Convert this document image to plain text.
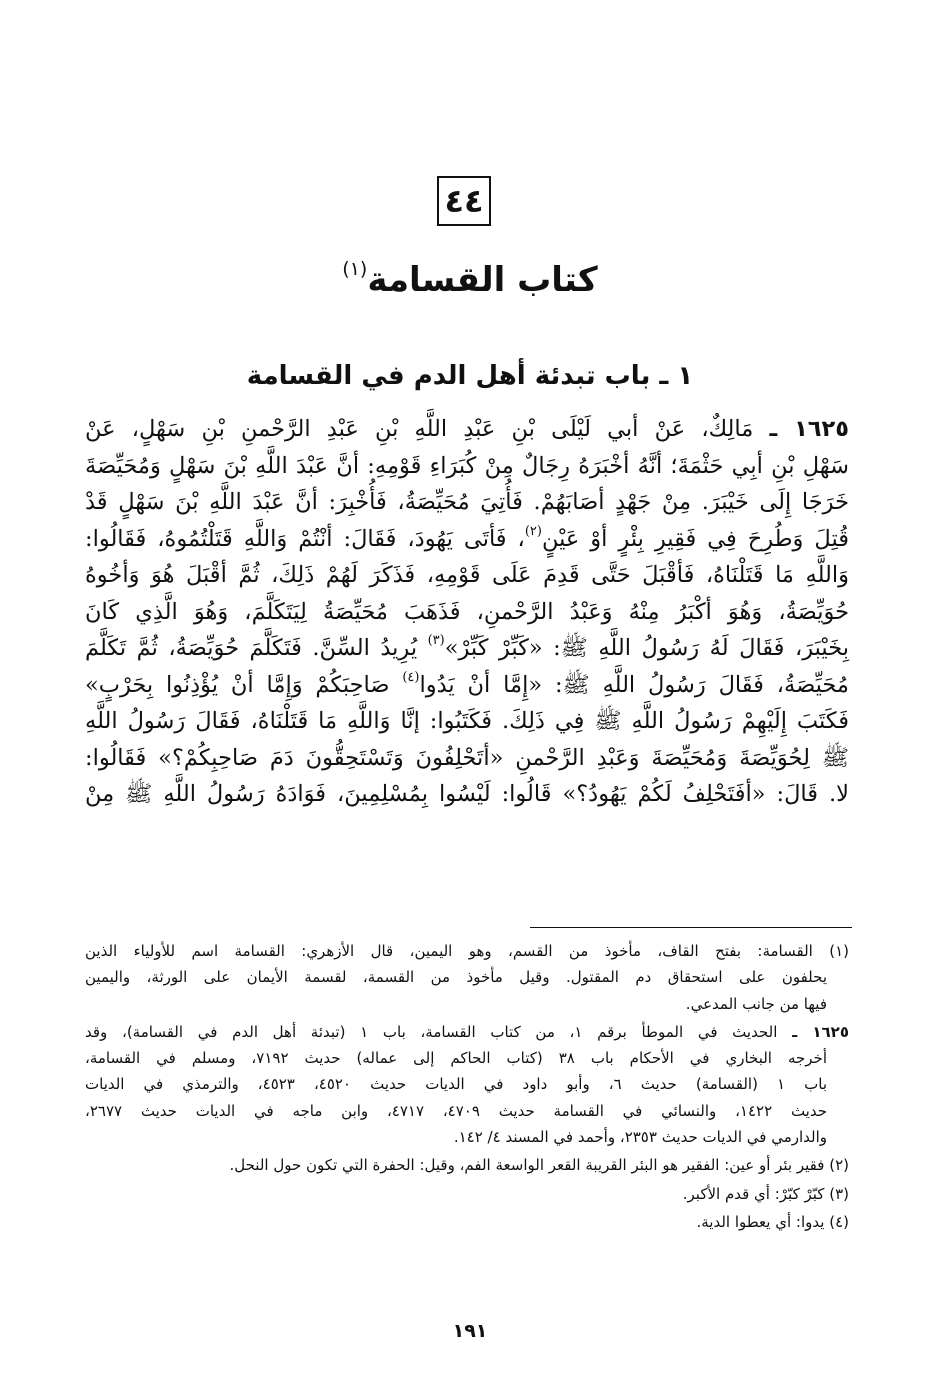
٤٤
كتاب القسامة$^{(١)}$
١ ـ باب تبدئة أهل الدم في القسامة
١٦٢٥ ـ مَالِكٌ، عَنْ أبي لَيْلَى بْنِ عَبْدِ اللَّهِ بْنِ عَبْدِ الرَّحْمنِ بْنِ سَهْلٍ، عَنْ
سَهْلِ بْنِ أبِي حَثْمَةَ؛ أنَّهُ أخْبَرَهُ رِجَالٌ مِنْ كُبَرَاءِ قَوْمِهِ: أنَّ عَبْدَ اللَّهِ بْنَ سَهْلٍ وَمُحَيِّصَةَ
خَرَجَا إِلَى خَيْبَرَ. مِنْ جَهْدٍ أصَابَهُمْ. فَأُتِيَ مُحَيِّصَةُ، فَأُخْبِرَ: أنَّ عَبْدَ اللَّهِ بْنَ سَهْلٍ قَدْ
قُتِلَ وَطُرِحَ فِي فَقِيرِ بِئْرٍ أوْ عَيْنٍ$^{(٢)}$، فَأتَى يَهُودَ، فَقَالَ: أنْتُمْ وَاللَّهِ قَتَلْتُمُوهُ، فَقَالُوا:
وَاللَّهِ مَا قَتَلْنَاهُ، فَأقْبَلَ حَتَّى قَدِمَ عَلَى قَوْمِهِ، فَذَكَرَ لَهُمْ ذَلِكَ، ثُمَّ أقْبَلَ هُوَ وَأخُوهُ
حُوَيِّصَةُ، وَهُوَ أكْبَرُ مِنْهُ وَعَبْدُ الرَّحْمنِ، فَذَهَبَ مُحَيِّصَةُ لِيَتَكَلَّمَ، وَهُوَ الَّذِي كَانَ
بِخَيْبَرَ، فَقَالَ لَهُ رَسُولُ اللَّهِ ﷺ: «كَبِّرْ كَبِّرْ»$^{(٣)}$ يُرِيدُ السِّنَّ. فَتَكَلَّمَ حُوَيِّصَةُ، ثُمَّ تَكَلَّمَ
مُحَيِّصَةُ، فَقَالَ رَسُولُ اللَّهِ ﷺ: «إِمَّا أنْ يَدُوا$^{(٤)}$ صَاحِبَكُمْ وَإِمَّا أنْ يُؤْذِنُوا بِحَرْبٍ»
فَكَتَبَ إِلَيْهِمْ رَسُولُ اللَّهِ ﷺ فِي ذَلِكَ. فَكَتَبُوا: إنَّا وَاللَّهِ مَا قَتَلْنَاهُ، فَقَالَ رَسُولُ اللَّهِ
ﷺ لِحُوَيِّصَةَ وَمُحَيِّصَةَ وَعَبْدِ الرَّحْمنِ «أتَحْلِفُونَ وَتَسْتَحِقُّونَ دَمَ صَاحِبِكُمْ؟» فَقَالُوا:
لا. قَالَ: «أفَتَحْلِفُ لَكُمْ يَهُودُ؟» قَالُوا: لَيْسُوا بِمُسْلِمِينَ، فَوَادَهُ رَسُولُ اللَّهِ ﷺ مِنْ
(١) القسامة: بفتح القاف، مأخوذ من القسم، وهو اليمين، قال الأزهري: القسامة اسم للأولياء الذين
يحلفون على استحقاق دم المقتول. وقيل مأخوذ من القسمة، لقسمة الأيمان على الورثة، واليمين
فيها من جانب المدعي.
١٦٢٥ ـ الحديث في الموطأ برقم ١، من كتاب القسامة، باب ١ (تبدئة أهل الدم في القسامة)، وقد
أخرجه البخاري في الأحكام باب ٣٨ (كتاب الحاكم إلى عماله) حديث ٧١٩٢، ومسلم في القسامة،
باب ١ (القسامة) حديث ٦، وأبو داود في الديات حديث ٤٥٢٠، ٤٥٢٣، والترمذي في الديات
حديث ١٤٢٢، والنسائي في القسامة حديث ٤٧٠٩، ٤٧١٧، وابن ماجه في الديات حديث ٢٦٧٧،
والدارمي في الديات حديث ٢٣٥٣، وأحمد في المسند ٤/ ١٤٢.
(٢) فقير بئر أو عين: الفقير هو البئر القريبة القعر الواسعة الفم، وقيل: الحفرة التي تكون حول النحل.
(٣) كبّرْ كبّرْ: أي قدم الأكبر.
(٤) يدوا: أي يعطوا الدية.
١٩١
